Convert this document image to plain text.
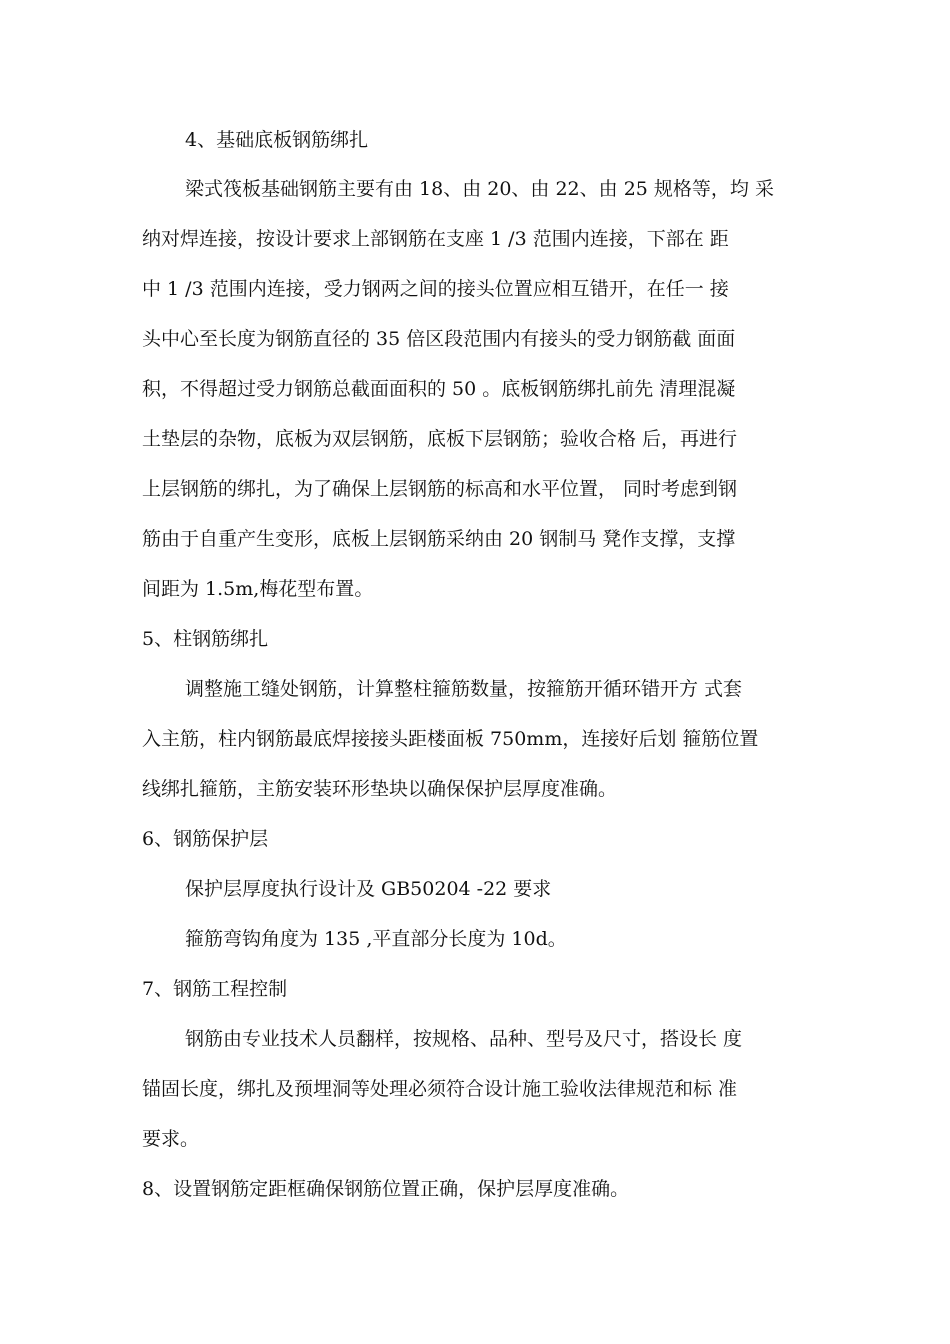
4、基础底板钢筋绑扎
梁式筏板基础钢筋主要有由 18、由 20、由 22、由 25 规格等，均 采
纳对焊连接，按设计要求上部钢筋在支座 1 /3 范围内连接，下部在 距
中 1 /3 范围内连接，受力钢两之间的接头位置应相互错开，在任一 接
头中心至长度为钢筋直径的 35 倍区段范围内有接头的受力钢筋截 面面
积，不得超过受力钢筋总截面面积的 50 。底板钢筋绑扎前先 清理混凝
土垫层的杂物，底板为双层钢筋，底板下层钢筋；验收合格 后，再进行
上层钢筋的绑扎，为了确保上层钢筋的标高和水平位置， 同时考虑到钢
筋由于自重产生变形，底板上层钢筋采纳由 20 钢制马 凳作支撑，支撑
间距为 1.5m,梅花型布置。
5、柱钢筋绑扎
调整施工缝处钢筋，计算整柱箍筋数量，按箍筋开循环错开方 式套
入主筋，柱内钢筋最底焊接接头距楼面板 750mm，连接好后划 箍筋位置
线绑扎箍筋，主筋安装环形垫块以确保保护层厚度准确。
6、钢筋保护层
保护层厚度执行设计及 GB50204 -22 要求
箍筋弯钩角度为 135 ,平直部分长度为 10d。
7、钢筋工程控制
钢筋由专业技术人员翻样，按规格、品种、型号及尺寸，搭设长 度
锚固长度，绑扎及预埋洞等处理必须符合设计施工验收法律规范和标 准
要求。
8、设置钢筋定距框确保钢筋位置正确，保护层厚度准确。
